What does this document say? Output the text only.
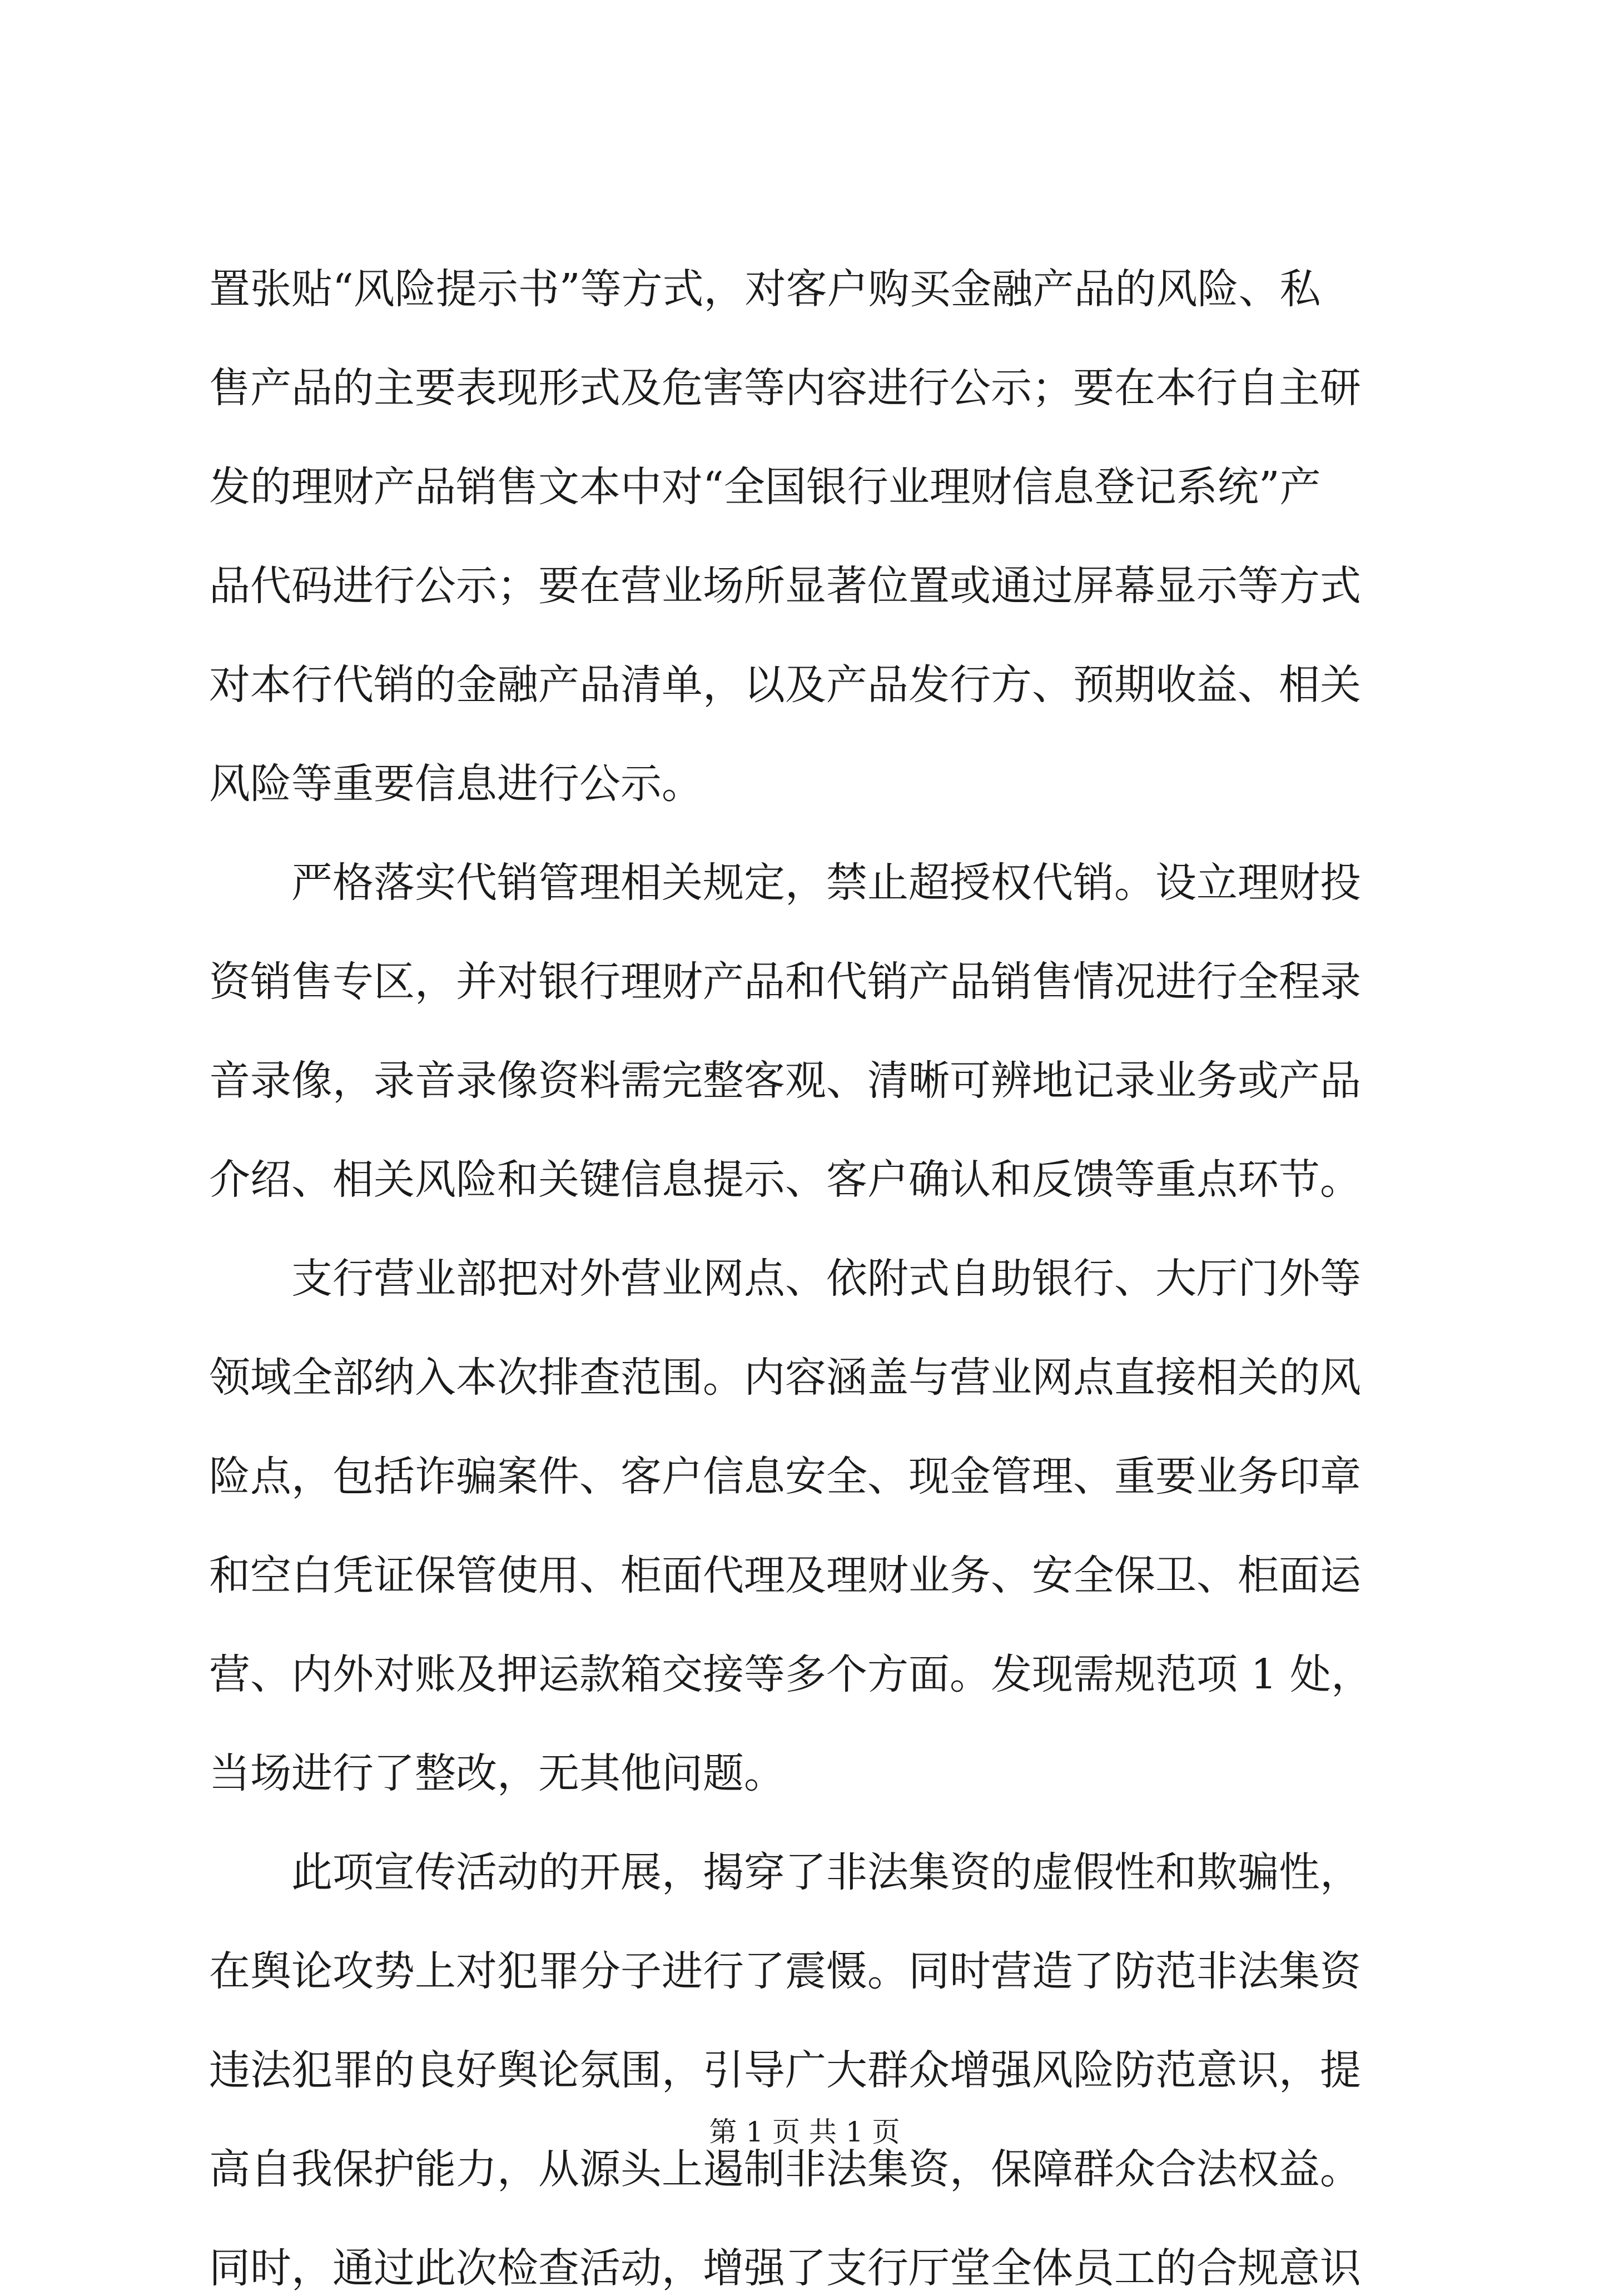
置张贴“风险提示书”等方式，对客户购买金融产品的风险、私
售产品的主要表现形式及危害等内容进行公示；要在本行自主研
发的理财产品销售文本中对“全国银行业理财信息登记系统”产
品代码进行公示；要在营业场所显著位置或通过屏幕显示等方式
对本行代销的金融产品清单，以及产品发行方、预期收益、相关
风险等重要信息进行公示。
严格落实代销管理相关规定，禁止超授权代销。设立理财投
资销售专区，并对银行理财产品和代销产品销售情况进行全程录
音录像，录音录像资料需完整客观、清晰可辨地记录业务或产品
介绍、相关风险和关键信息提示、客户确认和反馈等重点环节。
支行营业部把对外营业网点、依附式自助银行、大厅门外等
领域全部纳入本次排查范围。内容涵盖与营业网点直接相关的风
险点，包括诈骗案件、客户信息安全、现金管理、重要业务印章
和空白凭证保管使用、柜面代理及理财业务、安全保卫、柜面运
营、内外对账及押运款箱交接等多个方面。发现需规范项 1 处，
当场进行了整改，无其他问题。
此项宣传活动的开展，揭穿了非法集资的虚假性和欺骗性，
在舆论攻势上对犯罪分子进行了震慑。同时营造了防范非法集资
违法犯罪的良好舆论氛围，引导广大群众增强风险防范意识，提
高自我保护能力，从源头上遏制非法集资，保障群众合法权益。
同时，通过此次检查活动，增强了支行厅堂全体员工的合规意识
第 1 页 共 1 页
